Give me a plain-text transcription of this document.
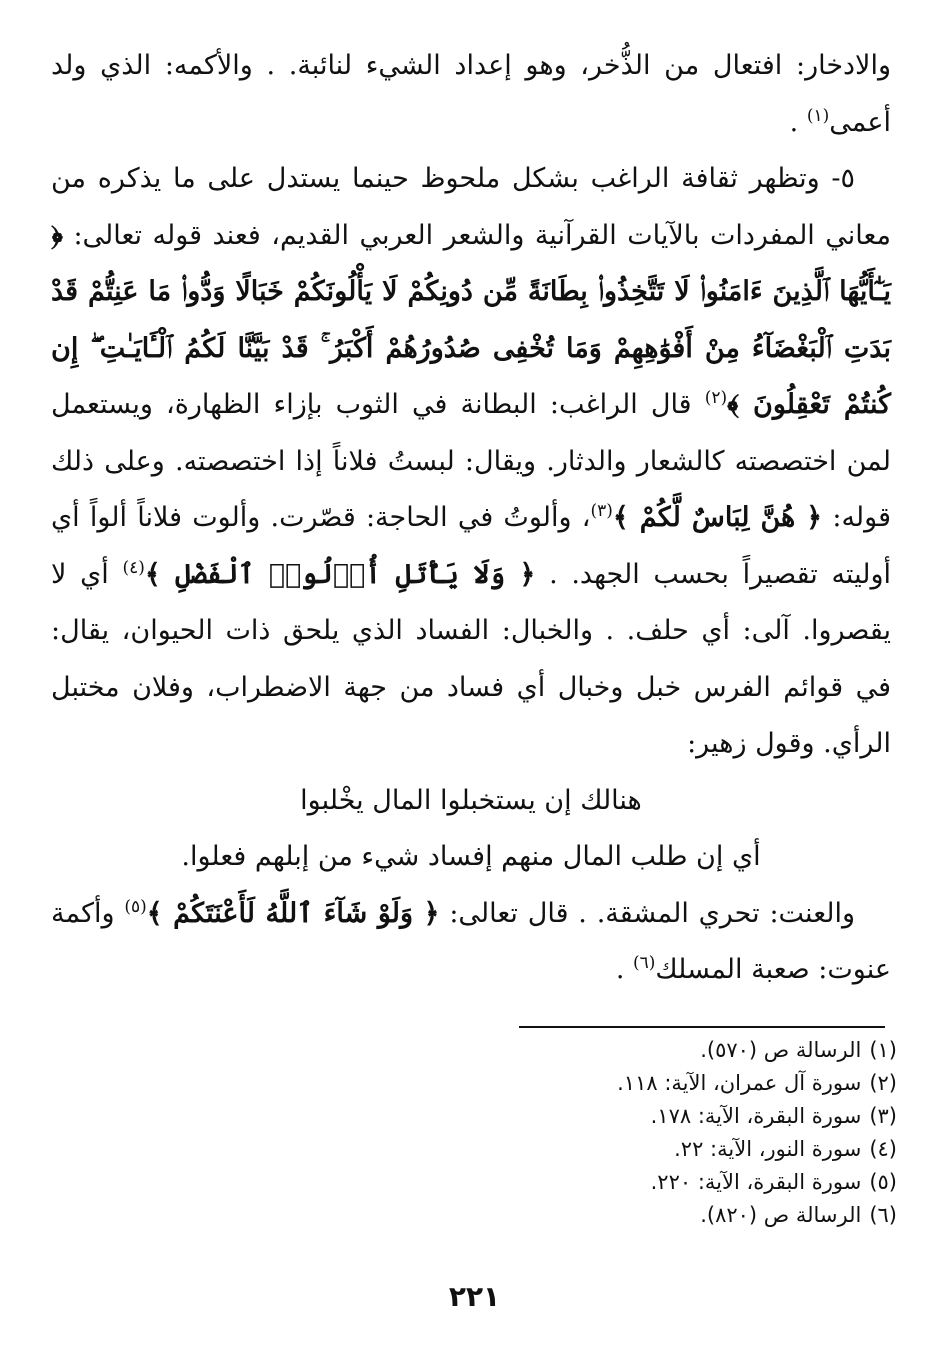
والادخار: افتعال من الذُّخر، وهو إعداد الشيء لنائبة. . والأكمه: الذي ولد أعمى$^{(١)}$ .

٥- وتظهر ثقافة الراغب بشكل ملحوظ حينما يستدل على ما يذكره من معاني المفردات بالآيات القرآنية والشعر العربي القديم، فعند قوله تعالى: ﴿ يَـٰٓأَيُّهَا ٱلَّذِينَ ءَامَنُوا۟ لَا تَتَّخِذُوا۟ بِطَانَةً مِّن دُونِكُمْ لَا يَأْلُونَكُمْ خَبَالًا وَدُّوا۟ مَا عَنِتُّمْ قَدْ بَدَتِ ٱلْبَغْضَآءُ مِنْ أَفْوَٰهِهِمْ وَمَا تُخْفِى صُدُورُهُمْ أَكْبَرُ ۚ قَدْ بَيَّنَّا لَكُمُ ٱلْـَٔايَـٰتِ ۖ إِن كُنتُمْ تَعْقِلُونَ ﴾$^{(٢)}$ قال الراغب: البطانة في الثوب بإزاء الظهارة، ويستعمل لمن اختصصته كالشعار والدثار. ويقال: لبستُ فلاناً إذا اختصصته. وعلى ذلك قوله: ﴿ هُنَّ لِبَاسٌ لَّكُمْ ﴾$^{(٣)}$، وألوتُ في الحاجة: قصّرت. وألوت فلاناً ألواً أي أوليته تقصيراً بحسب الجهد. . ﴿ وَلَا يَأْتَلِ أُو۟لُوا۟ ٱلْفَضْلِ ﴾$^{(٤)}$ أي لا يقصروا. آلى: أي حلف. . والخبال: الفساد الذي يلحق ذات الحيوان، يقال: في قوائم الفرس خبل وخبال أي فساد من جهة الاضطراب، وفلان مختبل الرأي. وقول زهير:

هنالك إن يستخبلوا المال يخْلبوا

أي إن طلب المال منهم إفساد شيء من إبلهم فعلوا.

والعنت: تحري المشقة. . قال تعالى: ﴿ وَلَوْ شَآءَ ٱللَّهُ لَأَعْنَتَكُمْ ﴾$^{(٥)}$ وأكمة عنوت: صعبة المسلك$^{(٦)}$ .

(١)الرسالة ص (٥٧٠).
(٢)سورة آل عمران، الآية: ١١٨.
(٣)سورة البقرة، الآية: ١٧٨.
(٤)سورة النور، الآية: ٢٢.
(٥)سورة البقرة، الآية: ٢٢٠.
(٦)الرسالة ص (٨٢٠).
٢٢١
